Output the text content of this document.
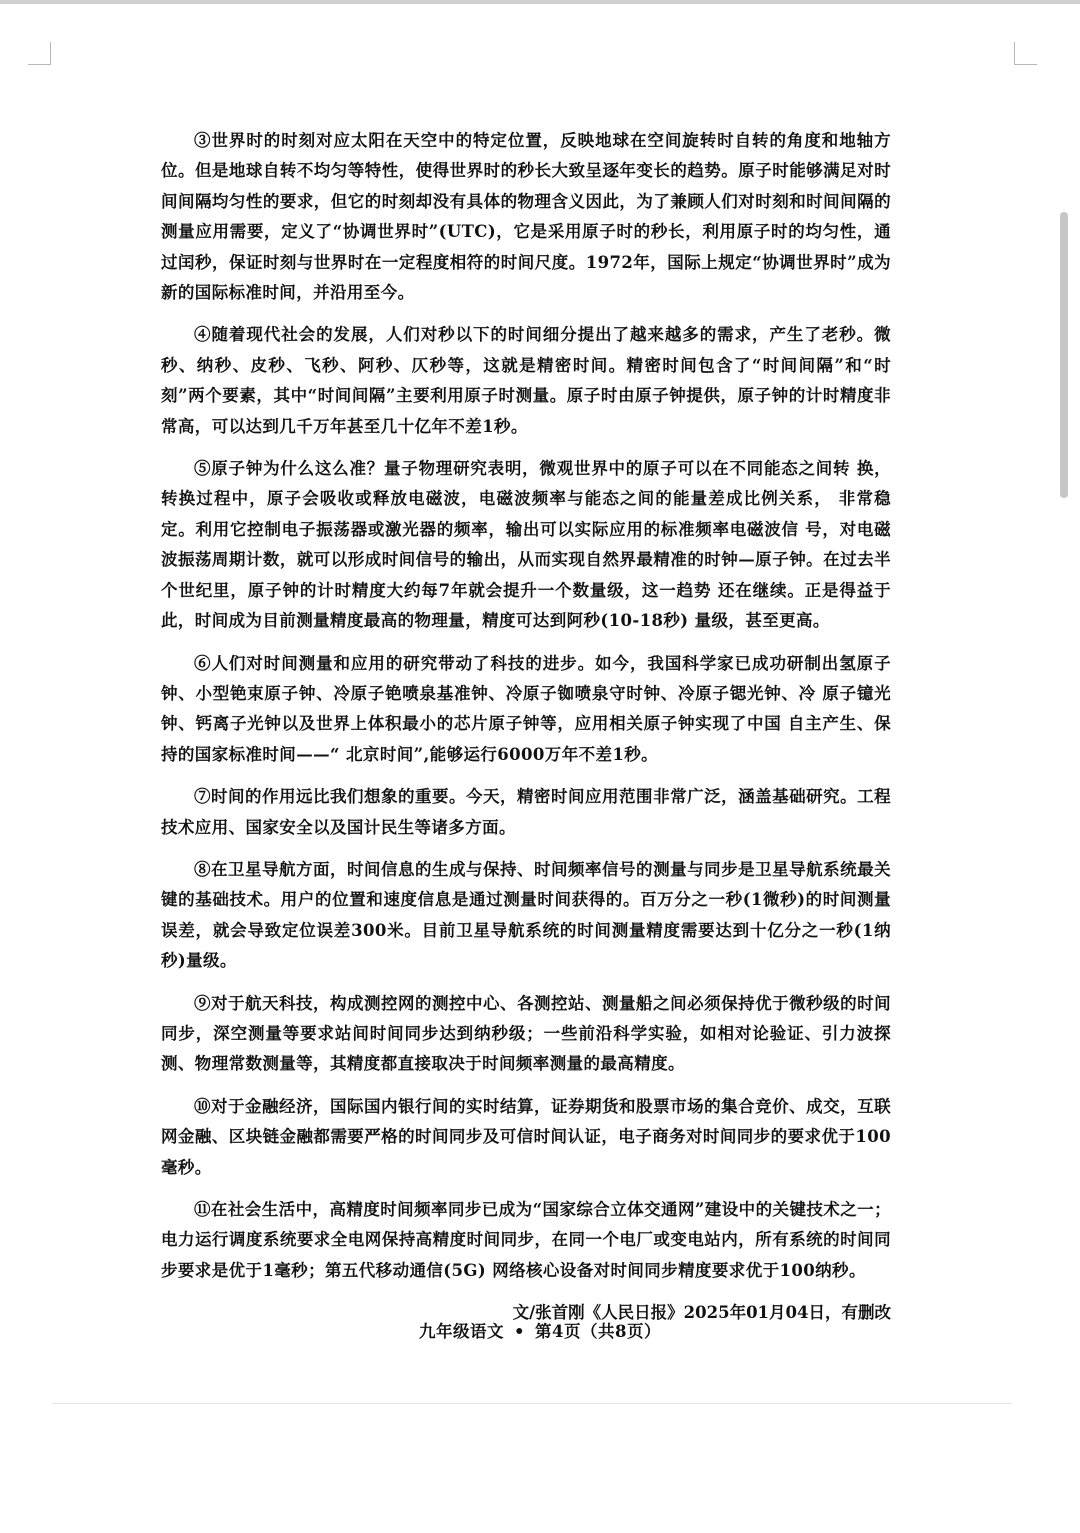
③世界时的时刻对应太阳在天空中的特定位置，反映地球在空间旋转时自转的角度和地轴方位。但是地球自转不均匀等特性，使得世界时的秒长大致呈逐年变长的趋势。原子时能够满足对时间间隔均匀性的要求，但它的时刻却没有具体的物理含义因此，为了兼顾人们对时刻和时间间隔的测量应用需要，定义了“协调世界时”(UTC)，它是采用原子时的秒长，利用原子时的均匀性，通过闰秒，保证时刻与世界时在一定程度相符的时间尺度。1972年，国际上规定“协调世界时”成为新的国际标准时间，并沿用至今。

④随着现代社会的发展，人们对秒以下的时间细分提出了越来越多的需求，产生了老秒。微秒、纳秒、皮秒、飞秒、阿秒、仄秒等，这就是精密时间。精密时间包含了“时间间隔”和“时刻”两个要素，其中“时间间隔”主要利用原子时测量。原子时由原子钟提供，原子钟的计时精度非常高，可以达到几千万年甚至几十亿年不差1秒。

⑤原子钟为什么这么准？量子物理研究表明，微观世界中的原子可以在不同能态之间转 换，转换过程中，原子会吸收或释放电磁波，电磁波频率与能态之间的能量差成比例关系， 非常稳定。利用它控制电子振荡器或激光器的频率，输出可以实际应用的标准频率电磁波信 号，对电磁波振荡周期计数，就可以形成时间信号的输出，从而实现自然界最精准的时钟—原子钟。在过去半个世纪里，原子钟的计时精度大约每7年就会提升一个数量级，这一趋势 还在继续。正是得益于此，时间成为目前测量精度最高的物理量，精度可达到阿秒(10-18秒) 量级，甚至更高。

⑥人们对时间测量和应用的研究带动了科技的进步。如今，我国科学家已成功研制出氢原子钟、小型铯束原子钟、冷原子铯喷泉基准钟、冷原子铷喷泉守时钟、冷原子锶光钟、冷 原子镱光钟、钙离子光钟以及世界上体积最小的芯片原子钟等，应用相关原子钟实现了中国 自主产生、保持的国家标准时间——“ 北京时间”,能够运行6000万年不差1秒。

⑦时间的作用远比我们想象的重要。今天，精密时间应用范围非常广泛，涵盖基础研究。工程技术应用、国家安全以及国计民生等诸多方面。

⑧在卫星导航方面，时间信息的生成与保持、时间频率信号的测量与同步是卫星导航系统最关键的基础技术。用户的位置和速度信息是通过测量时间获得的。百万分之一秒(1微秒)的时间测量误差，就会导致定位误差300米。目前卫星导航系统的时间测量精度需要达到十亿分之一秒(1纳秒)量级。

⑨对于航天科技，构成测控网的测控中心、各测控站、测量船之间必须保持优于微秒级的时间同步，深空测量等要求站间时间同步达到纳秒级；一些前沿科学实验，如相对论验证、引力波探测、物理常数测量等，其精度都直接取决于时间频率测量的最高精度。

⑩对于金融经济，国际国内银行间的实时结算，证券期货和股票市场的集合竞价、成交，互联网金融、区块链金融都需要严格的时间同步及可信时间认证，电子商务对时间同步的要求优于100毫秒。

⑪在社会生活中，高精度时间频率同步已成为“国家综合立体交通网”建设中的关键技术之一；电力运行调度系统要求全电网保持高精度时间同步，在同一个电厂或变电站内，所有系统的时间同步要求是优于1毫秒；第五代移动通信(5G) 网络核心设备对时间同步精度要求优于100纳秒。

文/张首刚《人民日报》2025年01月04日，有删改

九年级语文 • 第4页（共8页）
